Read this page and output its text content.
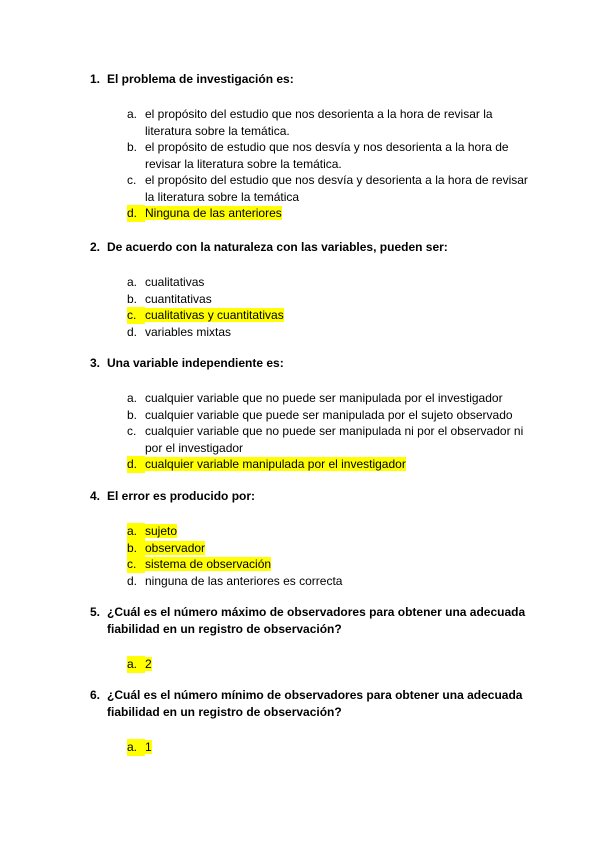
1. El problema de investigación es:
a. el propósito del estudio que nos desorienta a la hora de revisar la literatura sobre la temática.
b. el propósito de estudio que nos desvía y nos desorienta a la hora de revisar la literatura sobre la temática.
c. el propósito del estudio que nos desvía y desorienta a la hora de revisar la literatura sobre la temática
d. Ninguna de las anteriores
2. De acuerdo con la naturaleza con las variables, pueden ser:
a. cualitativas
b. cuantitativas
c. cualitativas y cuantitativas
d. variables mixtas
3. Una variable independiente es:
a. cualquier variable que no puede ser manipulada por el investigador
b. cualquier variable que puede ser manipulada por el sujeto observado
c. cualquier variable que no puede ser manipulada ni por el observador ni por el investigador
d. cualquier variable manipulada por el investigador
4. El error es producido por:
a. sujeto
b. observador
c. sistema de observación
d. ninguna de las anteriores es correcta
5. ¿Cuál es el número máximo de observadores para obtener una adecuada fiabilidad en un registro de observación?
a. 2
6. ¿Cuál es el número mínimo de observadores para obtener una adecuada fiabilidad en un registro de observación?
a. 1
